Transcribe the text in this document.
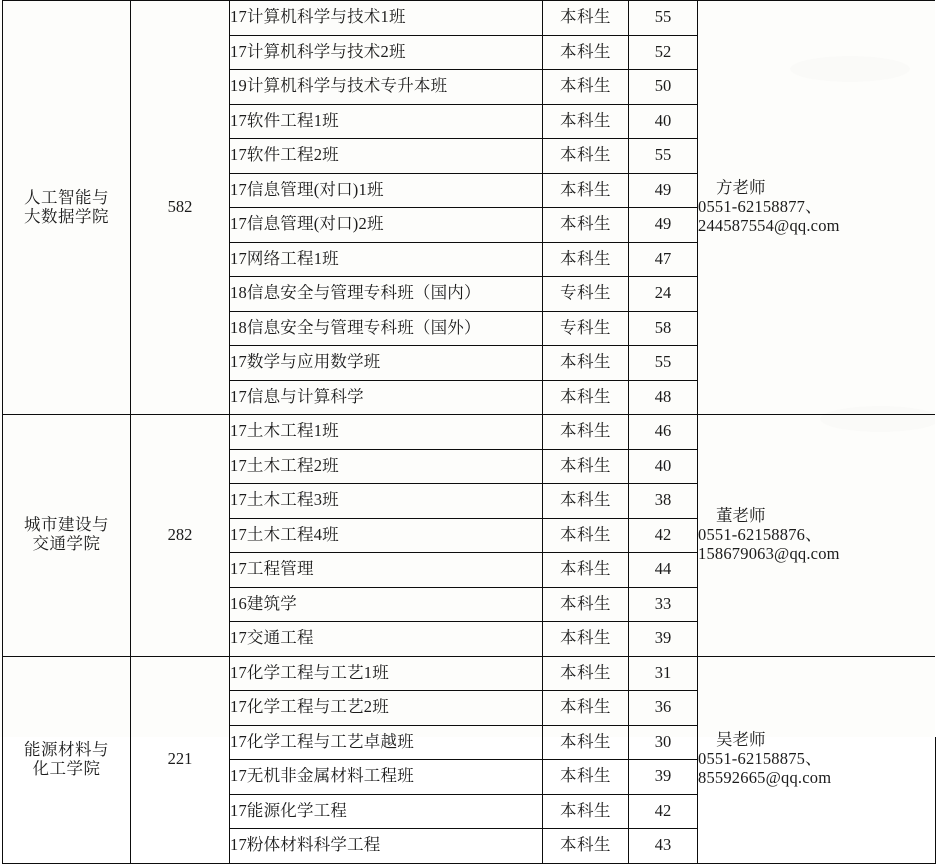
人工智能与
大数据学院	582	17计算机科学与技术1班	本科生	55	方老师
0551-62158877、
244587554@qq.com

		17计算机科学与技术2班	本科生	52	
		19计算机科学与技术专升本班	本科生	50	
		17软件工程1班	本科生	40	
		17软件工程2班	本科生	55	
		17信息管理(对口)1班	本科生	49	
		17信息管理(对口)2班	本科生	49	
		17网络工程1班	本科生	47	
		18信息安全与管理专科班（国内）	专科生	24	
		18信息安全与管理专科班（国外）	专科生	58	
		17数学与应用数学班	本科生	55	
		17信息与计算科学	本科生	48	

城市建设与
交通学院	282	17土木工程1班	本科生	46	董老师
0551-62158876、
158679063@qq.com

		17土木工程2班	本科生	40	
		17土木工程3班	本科生	38	
		17土木工程4班	本科生	42	
		17工程管理	本科生	44	
		16建筑学	本科生	33	
		17交通工程	本科生	39	

能源材料与
化工学院	221	17化学工程与工艺1班	本科生	31	吴老师
0551-62158875、
85592665@qq.com

		17化学工程与工艺2班	本科生	36	
		17化学工程与工艺卓越班	本科生	30	
		17无机非金属材料工程班	本科生	39	
		17能源化学工程	本科生	42	
		17粉体材料科学工程	本科生	43	
